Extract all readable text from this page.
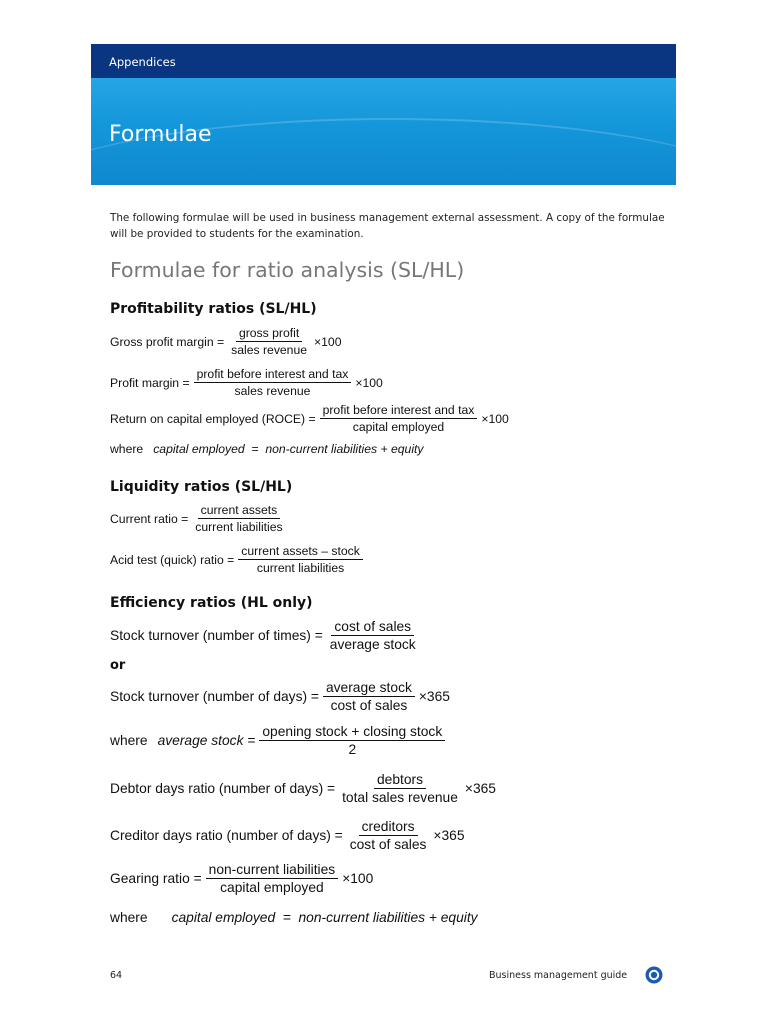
Appendices
Formulae
The following formulae will be used in business management external assessment. A copy of the formulae will be provided to students for the examination.
Formulae for ratio analysis (SL/HL)
Profitability ratios (SL/HL)
Gross profit margin = $\frac{\text{gross profit}}{\text{sales revenue}} \times 100$
Profit margin = $\frac{\text{profit before interest and tax}}{\text{sales revenue}} \times 100$
Return on capital employed (ROCE) = $\frac{\text{profit before interest and tax}}{\text{capital employed}} \times 100$
where capital employed  =  non-current liabilities + equity
Liquidity ratios (SL/HL)
Current ratio = $\frac{\text{current assets}}{\text{current liabilities}}$
Acid test (quick) ratio = $\frac{\text{current assets – stock}}{\text{current liabilities}}$
Efficiency ratios (HL only)
Stock turnover (number of times) = $\frac{\text{cost of sales}}{\text{average stock}}$
or
Stock turnover (number of days) = $\frac{\text{average stock}}{\text{cost of sales}} \times 365$
where average stock = $\frac{\text{opening stock + closing stock}}{2}$
Debtor days ratio (number of days) = $\frac{\text{debtors}}{\text{total sales revenue}} \times 365$
Creditor days ratio (number of days) = $\frac{\text{creditors}}{\text{cost of sales}} \times 365$
Gearing ratio = $\frac{\text{non-current liabilities}}{\text{capital employed}} \times 100$
where capital employed  =  non-current liabilities + equity
64	Business management guide
